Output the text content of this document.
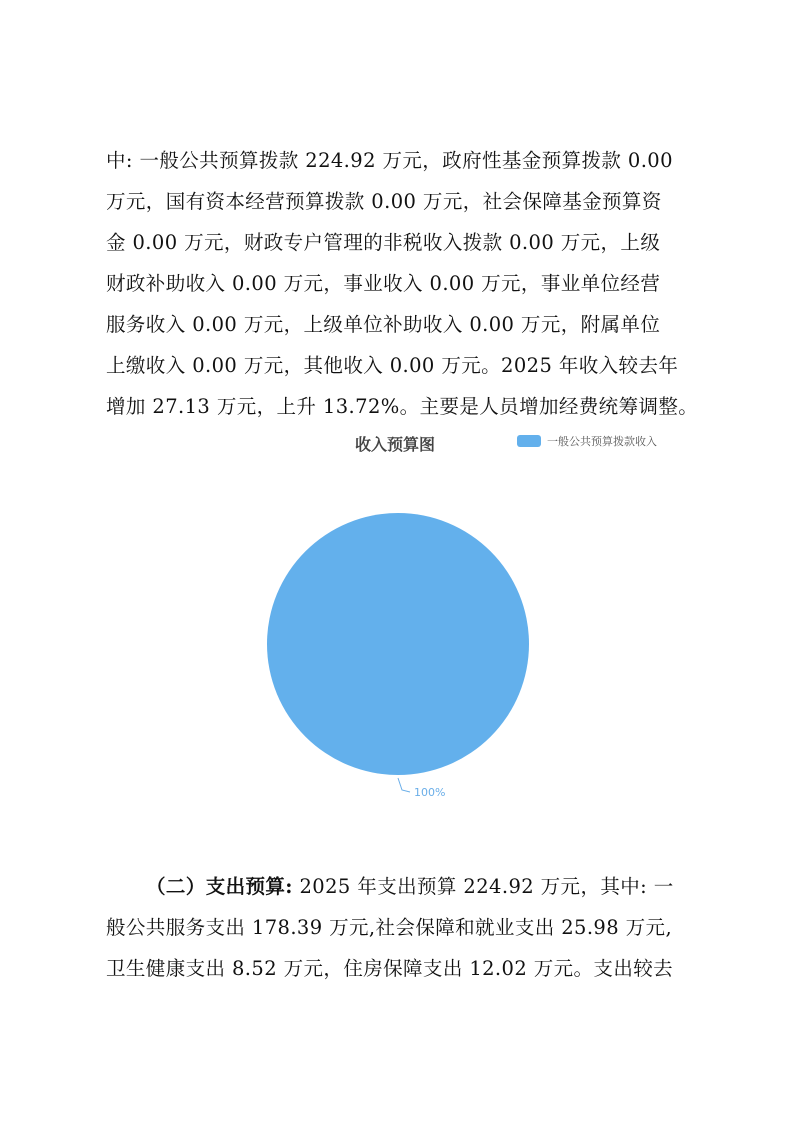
中: 一般公共预算拨款 224.92 万元，政府性基金预算拨款 0.00
万元，国有资本经营预算拨款 0.00 万元，社会保障基金预算资
金 0.00 万元，财政专户管理的非税收入拨款 0.00 万元，上级
财政补助收入 0.00 万元，事业收入 0.00 万元，事业单位经营
服务收入 0.00 万元，上级单位补助收入 0.00 万元，附属单位
上缴收入 0.00 万元，其他收入 0.00 万元。2025 年收入较去年
增加 27.13 万元，上升 13.72%。主要是人员增加经费统筹调整。
收入预算图	一般公共预算拨款收入
100%
（二）支出预算: 2025 年支出预算 224.92 万元，其中: 一
般公共服务支出 178.39 万元,社会保障和就业支出 25.98 万元,
卫生健康支出 8.52 万元，住房保障支出 12.02 万元。支出较去
